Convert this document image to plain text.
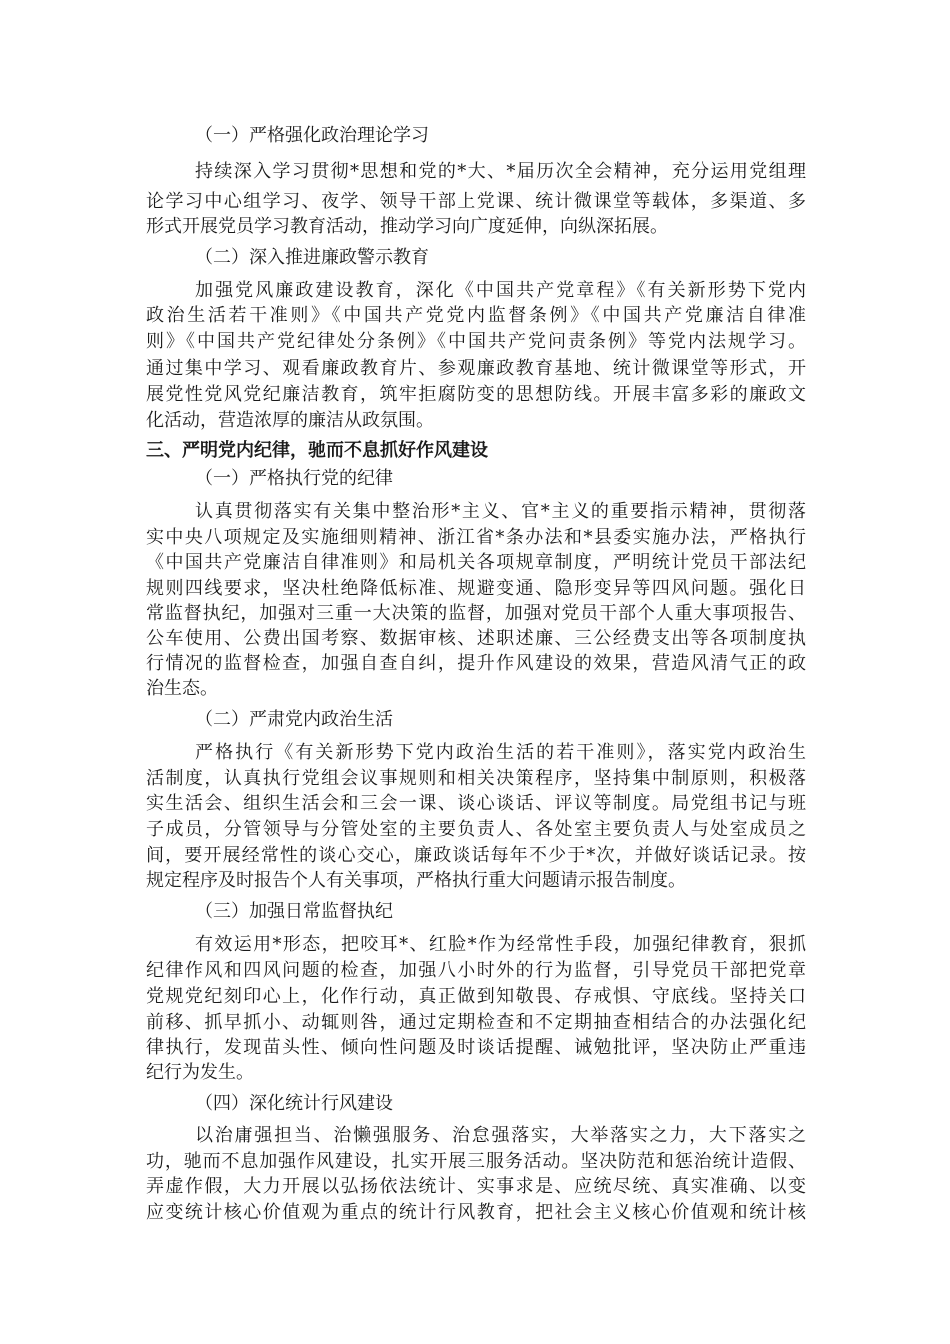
（一）严格强化政治理论学习
持续深入学习贯彻*思想和党的*大、*届历次全会精神，充分运用党组理
论学习中心组学习、夜学、领导干部上党课、统计微课堂等载体，多渠道、多
形式开展党员学习教育活动，推动学习向广度延伸，向纵深拓展。
（二）深入推进廉政警示教育
加强党风廉政建设教育，深化《中国共产党章程》《有关新形势下党内
政治生活若干准则》《中国共产党党内监督条例》《中国共产党廉洁自律准
则》《中国共产党纪律处分条例》《中国共产党问责条例》等党内法规学习。
通过集中学习、观看廉政教育片、参观廉政教育基地、统计微课堂等形式，开
展党性党风党纪廉洁教育，筑牢拒腐防变的思想防线。开展丰富多彩的廉政文
化活动，营造浓厚的廉洁从政氛围。
三、严明党内纪律，驰而不息抓好作风建设
（一）严格执行党的纪律
认真贯彻落实有关集中整治形*主义、官*主义的重要指示精神，贯彻落
实中央八项规定及实施细则精神、浙江省*条办法和*县委实施办法，严格执行
《中国共产党廉洁自律准则》和局机关各项规章制度，严明统计党员干部法纪
规则四线要求，坚决杜绝降低标准、规避变通、隐形变异等四风问题。强化日
常监督执纪，加强对三重一大决策的监督，加强对党员干部个人重大事项报告、
公车使用、公费出国考察、数据审核、述职述廉、三公经费支出等各项制度执
行情况的监督检查，加强自查自纠，提升作风建设的效果，营造风清气正的政
治生态。
（二）严肃党内政治生活
严格执行《有关新形势下党内政治生活的若干准则》，落实党内政治生
活制度，认真执行党组会议事规则和相关决策程序，坚持集中制原则，积极落
实生活会、组织生活会和三会一课、谈心谈话、评议等制度。局党组书记与班
子成员，分管领导与分管处室的主要负责人、各处室主要负责人与处室成员之
间，要开展经常性的谈心交心，廉政谈话每年不少于*次，并做好谈话记录。按
规定程序及时报告个人有关事项，严格执行重大问题请示报告制度。
（三）加强日常监督执纪
有效运用*形态，把咬耳*、红脸*作为经常性手段，加强纪律教育，狠抓
纪律作风和四风问题的检查，加强八小时外的行为监督，引导党员干部把党章
党规党纪刻印心上，化作行动，真正做到知敬畏、存戒惧、守底线。坚持关口
前移、抓早抓小、动辄则咎，通过定期检查和不定期抽查相结合的办法强化纪
律执行，发现苗头性、倾向性问题及时谈话提醒、诫勉批评，坚决防止严重违
纪行为发生。
（四）深化统计行风建设
以治庸强担当、治懒强服务、治怠强落实，大举落实之力，大下落实之
功，驰而不息加强作风建设，扎实开展三服务活动。坚决防范和惩治统计造假、
弄虚作假，大力开展以弘扬依法统计、实事求是、应统尽统、真实准确、以变
应变统计核心价值观为重点的统计行风教育，把社会主义核心价值观和统计核
